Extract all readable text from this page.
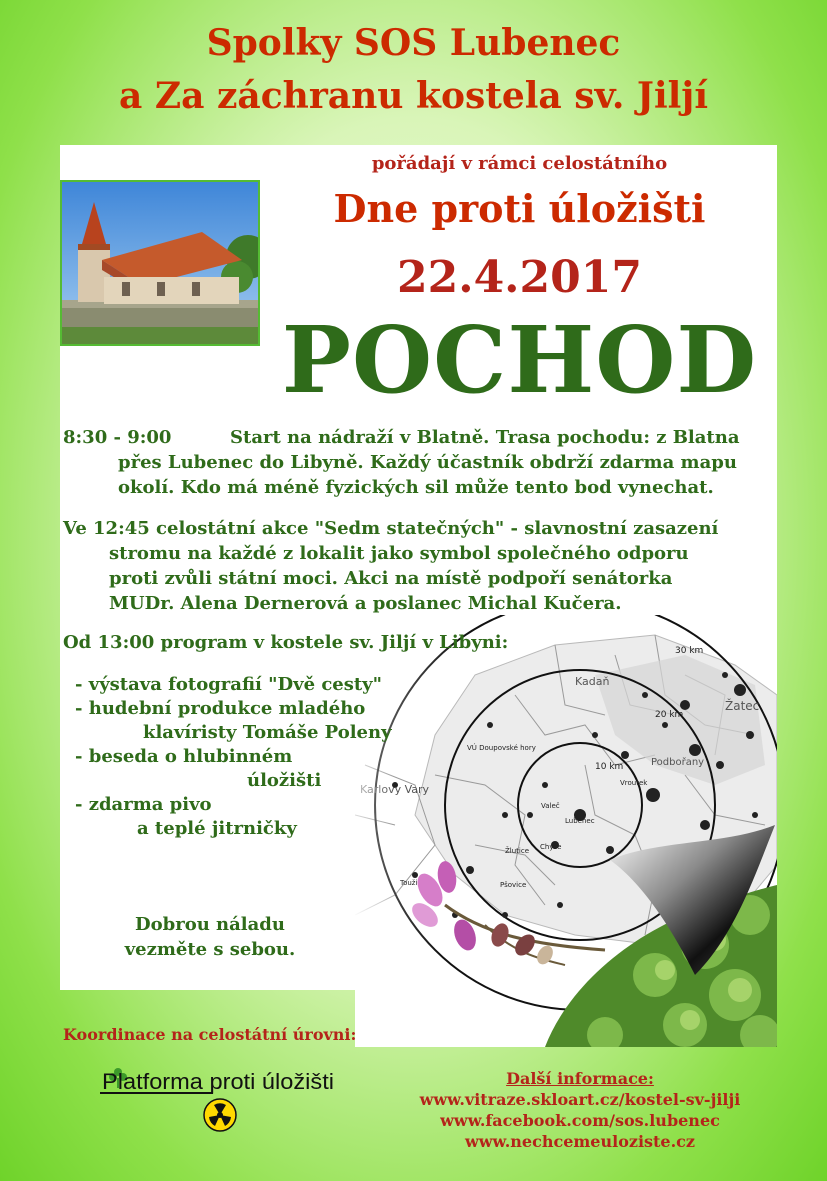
Spolky SOS Lubenec
a Za záchranu kostela sv. Jiljí
pořádají v rámci celostátního
Dne proti úložišti
22.4.2017
POCHOD
8:30 - 9:00	Start na nádraží v Blatně. Trasa pochodu: z Blatna
přes Lubenec do Libyně. Každý účastník obdrží zdarma mapu
okolí. Kdo má méně fyzických sil může tento bod vynechat.
Ve 12:45 celostátní akce "Sedm statečných" - slavnostní zasazení
stromu na každé z lokalit jako symbol společného odporu
proti zvůli státní moci. Akci na místě podpoří senátorka
MUDr. Alena Dernerová a poslanec Michal Kučera.
Od 13:00 program v kostele sv. Jiljí v Libyni:
- výstava fotografií "Dvě cesty"
- hudební produkce mladého
klavíristy Tomáše Poleny
- beseda o hlubinném
úložišti
- zdarma pivo
a teplé jitrničky
Dobrou náladu
vezměte s sebou.
Koordinace na celostátní úrovni:
Platforma proti úložišti	Další informace:
www.vitraze.skloart.cz/kostel-sv-jilji
www.facebook.com/sos.lubenec
www.nechcemeuloziste.cz
